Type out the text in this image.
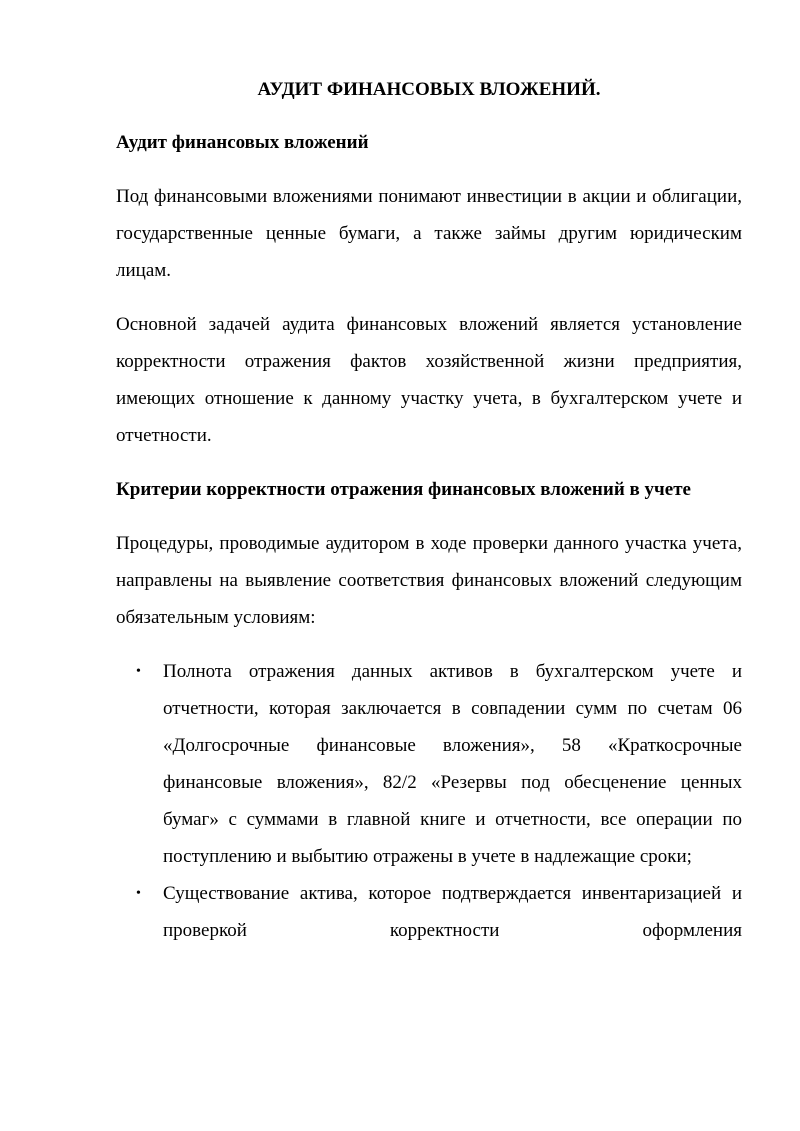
АУДИТ ФИНАНСОВЫХ ВЛОЖЕНИЙ.
Аудит финансовых вложений

Под финансовыми вложениями понимают инвестиции в акции и облигации, государственные ценные бумаги, а также займы другим юридическим лицам.

Основной задачей аудита финансовых вложений является установление корректности отражения фактов хозяйственной жизни предприятия, имеющих отношение к данному участку учета, в бухгалтерском учете и отчетности.

Критерии корректности отражения финансовых вложений в учете

Процедуры, проводимые аудитором в ходе проверки данного участка учета, направлены на выявление соответствия финансовых вложений следующим обязательным условиям:

• Полнота отражения данных активов в бухгалтерском учете и отчетности, которая заключается в совпадении сумм по счетам 06 «Долгосрочные финансовые вложения», 58 «Краткосрочные финансовые вложения», 82/2 «Резервы под обесценение ценных бумаг» с суммами в главной книге и отчетности, все операции по поступлению и выбытию отражены в учете в надлежащие сроки;
• Существование актива, которое подтверждается инвентаризацией и проверкой корректности оформления
